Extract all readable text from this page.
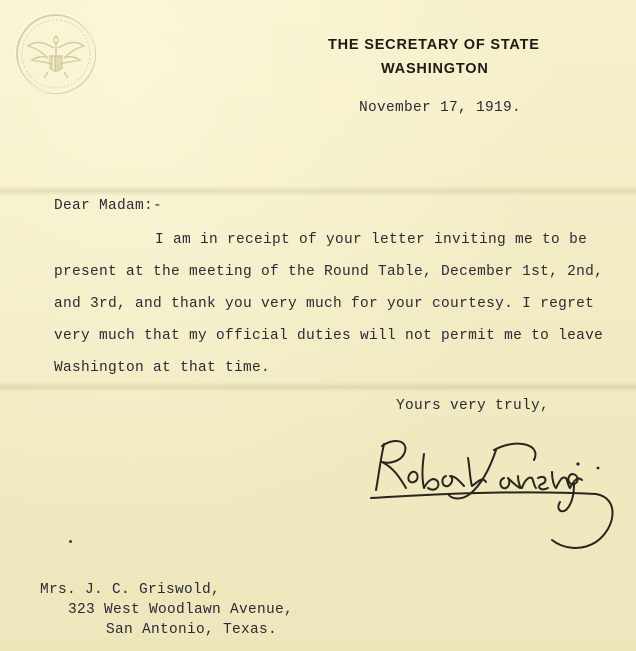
THE SECRETARY OF STATE
WASHINGTON
November 17, 1919.
Dear Madam:-
I am in receipt of your letter inviting me to be
present at the meeting of the Round Table, December 1st, 2nd,
and 3rd, and thank you very much for your courtesy. I regret
very much that my official duties will not permit me to leave
Washington at that time.
Yours very truly,
Mrs. J. C. Griswold,
323 West Woodlawn Avenue,
San Antonio, Texas.
